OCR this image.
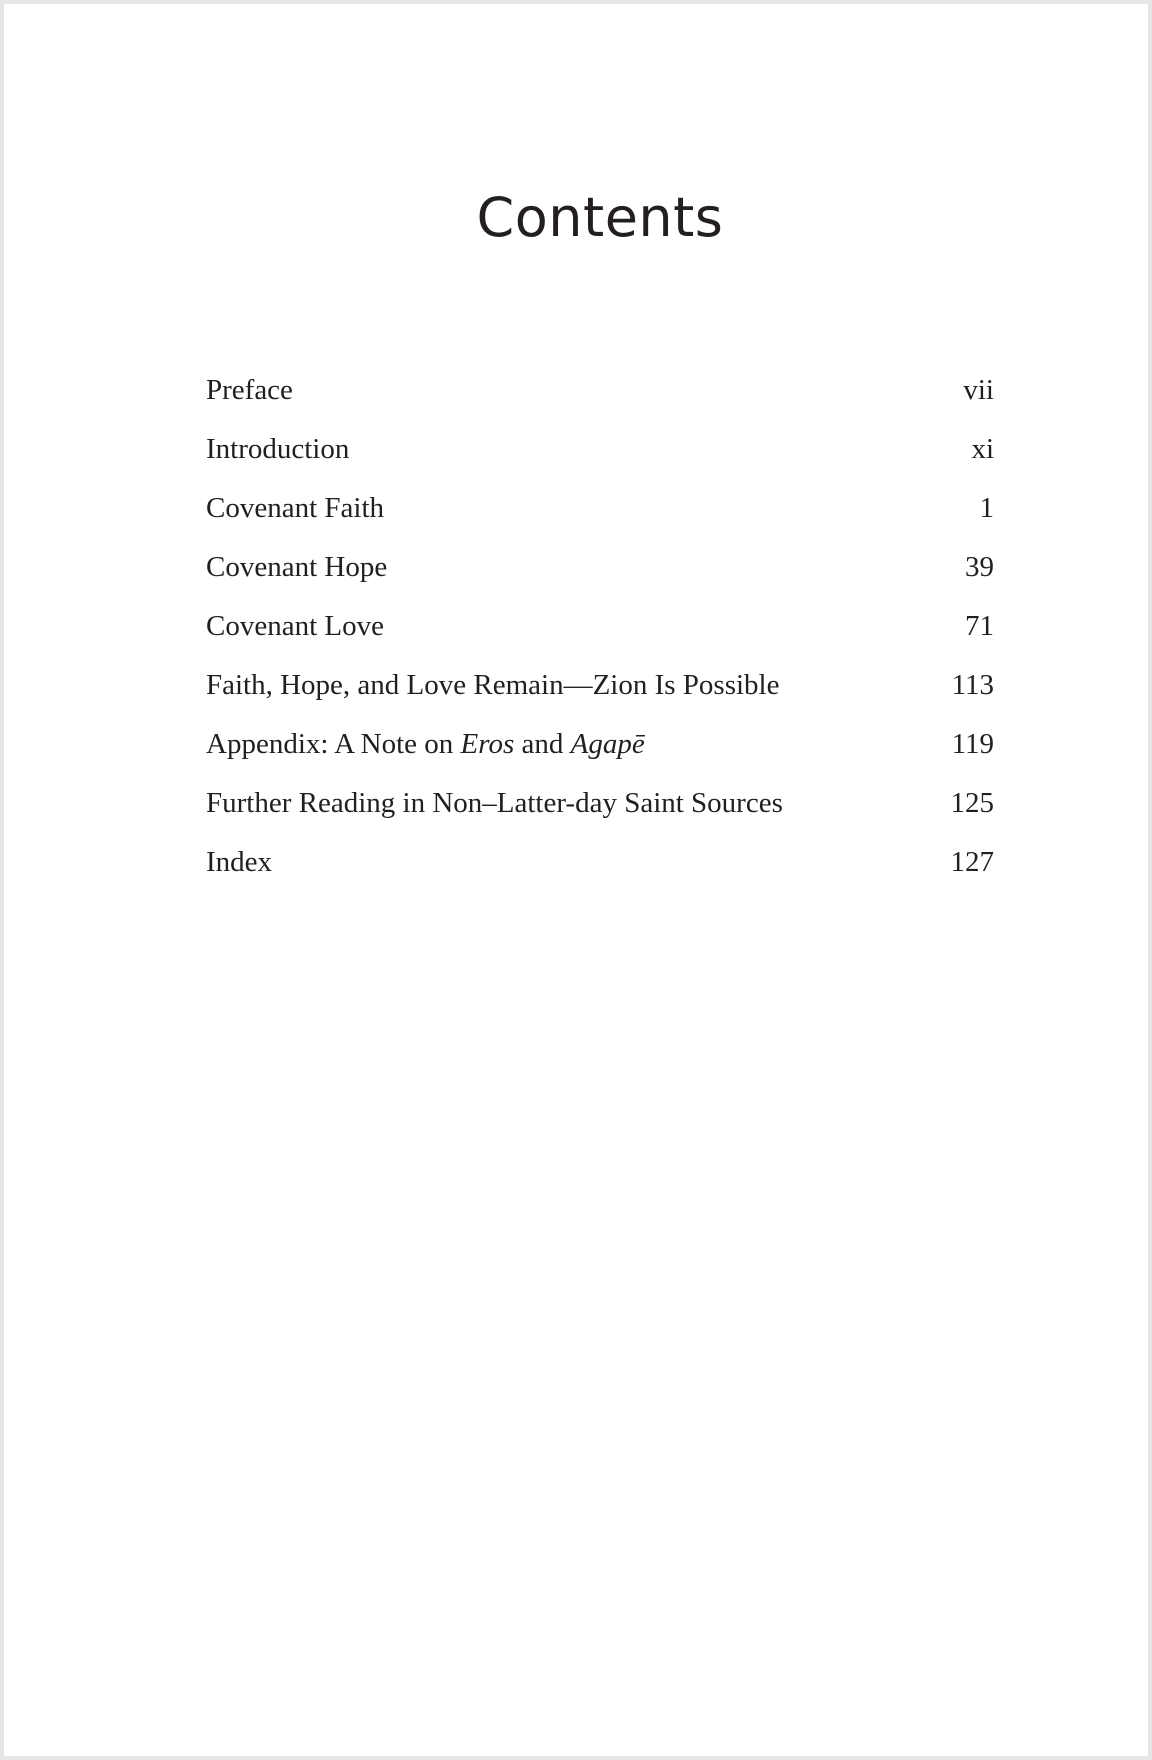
Contents
Preface	vii
Introduction	xi
Covenant Faith	1
Covenant Hope	39
Covenant Love	71
Faith, Hope, and Love Remain—Zion Is Possible	113
Appendix: A Note on Eros and Agapē	119
Further Reading in Non–Latter-day Saint Sources	125
Index	127
